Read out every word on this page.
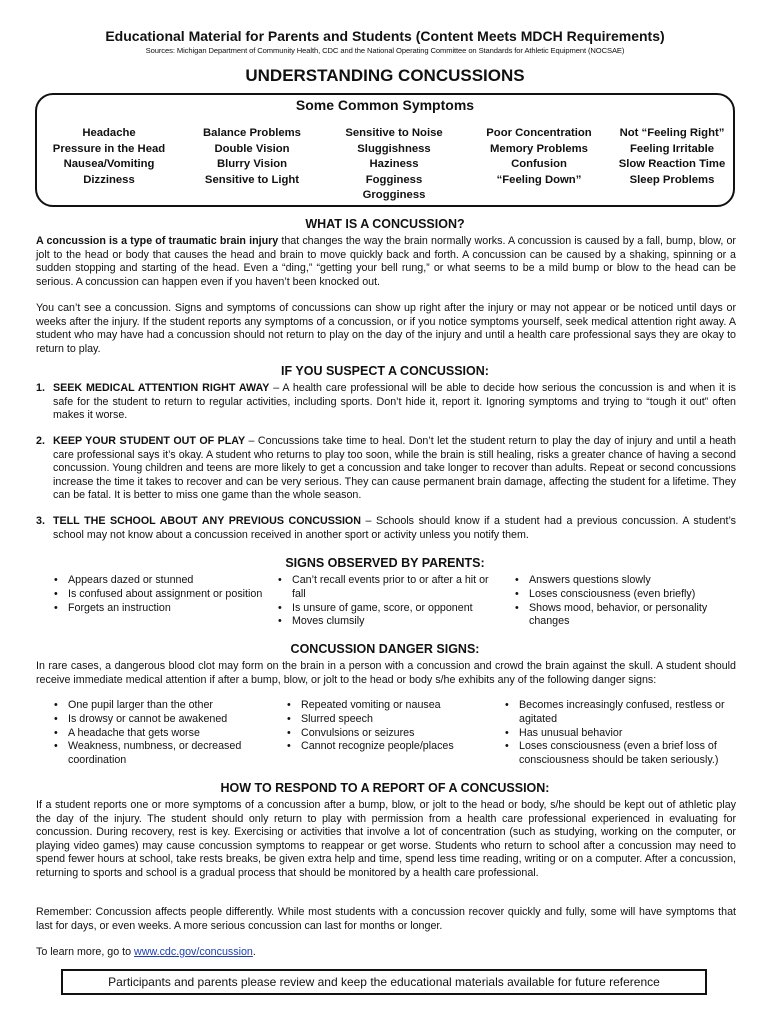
Educational Material for Parents and Students (Content Meets MDCH Requirements)
Sources: Michigan Department of Community Health, CDC and the National Operating Committee on Standards for Athletic Equipment (NOCSAE)
UNDERSTANDING CONCUSSIONS
Some Common Symptoms
Headache
Pressure in the Head
Nausea/Vomiting
Dizziness
Balance Problems
Double Vision
Blurry Vision
Sensitive to Light
Sensitive to Noise
Sluggishness
Haziness
Fogginess
Grogginess
Poor Concentration
Memory Problems
Confusion
“Feeling Down”
Not “Feeling Right”
Feeling Irritable
Slow Reaction Time
Sleep Problems
WHAT IS A CONCUSSION?
A concussion is a type of traumatic brain injury that changes the way the brain normally works. A concussion is caused by a fall, bump, blow, or jolt to the head or body that causes the head and brain to move quickly back and forth. A concussion can be caused by a shaking, spinning or a sudden stopping and starting of the head. Even a “ding,” “getting your bell rung,” or what seems to be a mild bump or blow to the head can be serious. A concussion can happen even if you haven’t been knocked out.
You can’t see a concussion. Signs and symptoms of concussions can show up right after the injury or may not appear or be noticed until days or weeks after the injury. If the student reports any symptoms of a concussion, or if you notice symptoms yourself, seek medical attention right away. A student who may have had a concussion should not return to play on the day of the injury and until a health care professional says they are okay to return to play.
IF YOU SUSPECT A CONCUSSION:
1. SEEK MEDICAL ATTENTION RIGHT AWAY – A health care professional will be able to decide how serious the concussion is and when it is safe for the student to return to regular activities, including sports. Don’t hide it, report it. Ignoring symptoms and trying to “tough it out” often makes it worse.
2. KEEP YOUR STUDENT OUT OF PLAY – Concussions take time to heal. Don’t let the student return to play the day of injury and until a heath care professional says it’s okay. A student who returns to play too soon, while the brain is still healing, risks a greater chance of having a second concussion. Young children and teens are more likely to get a concussion and take longer to recover than adults. Repeat or second concussions increase the time it takes to recover and can be very serious. They can cause permanent brain damage, affecting the student for a lifetime. They can be fatal. It is better to miss one game than the whole season.
3. TELL THE SCHOOL ABOUT ANY PREVIOUS CONCUSSION – Schools should know if a student had a previous concussion. A student’s school may not know about a concussion received in another sport or activity unless you notify them.
SIGNS OBSERVED BY PARENTS:
• Appears dazed or stunned
• Is confused about assignment or position
• Forgets an instruction
• Can’t recall events prior to or after a hit or fall
• Is unsure of game, score, or opponent
• Moves clumsily
• Answers questions slowly
• Loses consciousness (even briefly)
• Shows mood, behavior, or personality changes
CONCUSSION DANGER SIGNS:
In rare cases, a dangerous blood clot may form on the brain in a person with a concussion and crowd the brain against the skull. A student should receive immediate medical attention if after a bump, blow, or jolt to the head or body s/he exhibits any of the following danger signs:
• One pupil larger than the other
• Is drowsy or cannot be awakened
• A headache that gets worse
• Weakness, numbness, or decreased coordination
• Repeated vomiting or nausea
• Slurred speech
• Convulsions or seizures
• Cannot recognize people/places
• Becomes increasingly confused, restless or agitated
• Has unusual behavior
• Loses consciousness (even a brief loss of consciousness should be taken seriously.)
HOW TO RESPOND TO A REPORT OF A CONCUSSION:
If a student reports one or more symptoms of a concussion after a bump, blow, or jolt to the head or body, s/he should be kept out of athletic play the day of the injury. The student should only return to play with permission from a health care professional experienced in evaluating for concussion. During recovery, rest is key. Exercising or activities that involve a lot of concentration (such as studying, working on the computer, or playing video games) may cause concussion symptoms to reappear or get worse. Students who return to school after a concussion may need to spend fewer hours at school, take rests breaks, be given extra help and time, spend less time reading, writing or on a computer. After a concussion, returning to sports and school is a gradual process that should be monitored by a health care professional.
Remember: Concussion affects people differently. While most students with a concussion recover quickly and fully, some will have symptoms that last for days, or even weeks. A more serious concussion can last for months or longer.
To learn more, go to www.cdc.gov/concussion.
Participants and parents please review and keep the educational materials available for future reference
